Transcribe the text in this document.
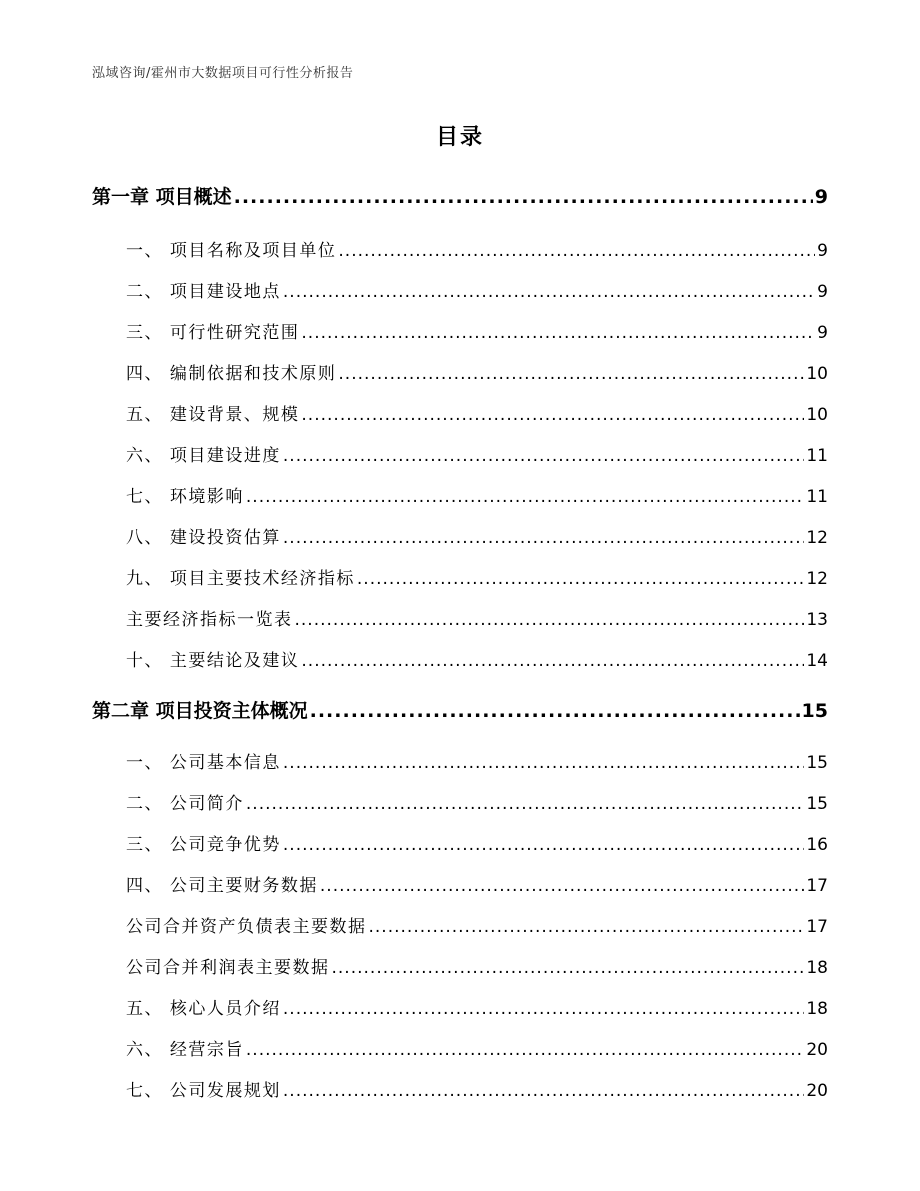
泓域咨询/霍州市大数据项目可行性分析报告
目录
第一章 项目概述 .....	9
一、 项目名称及项目单位 .....	9
二、 项目建设地点 .....	9
三、 可行性研究范围 .....	9
四、 编制依据和技术原则 .....	10
五、 建设背景、规模 .....	10
六、 项目建设进度 .....	11
七、 环境影响 .....	11
八、 建设投资估算 .....	12
九、 项目主要技术经济指标 .....	12
主要经济指标一览表 .....	13
十、 主要结论及建议 .....	14
第二章 项目投资主体概况 .....	15
一、 公司基本信息 .....	15
二、 公司简介 .....	15
三、 公司竞争优势 .....	16
四、 公司主要财务数据 .....	17
公司合并资产负债表主要数据 .....	17
公司合并利润表主要数据 .....	18
五、 核心人员介绍 .....	18
六、 经营宗旨 .....	20
七、 公司发展规划 .....	20
